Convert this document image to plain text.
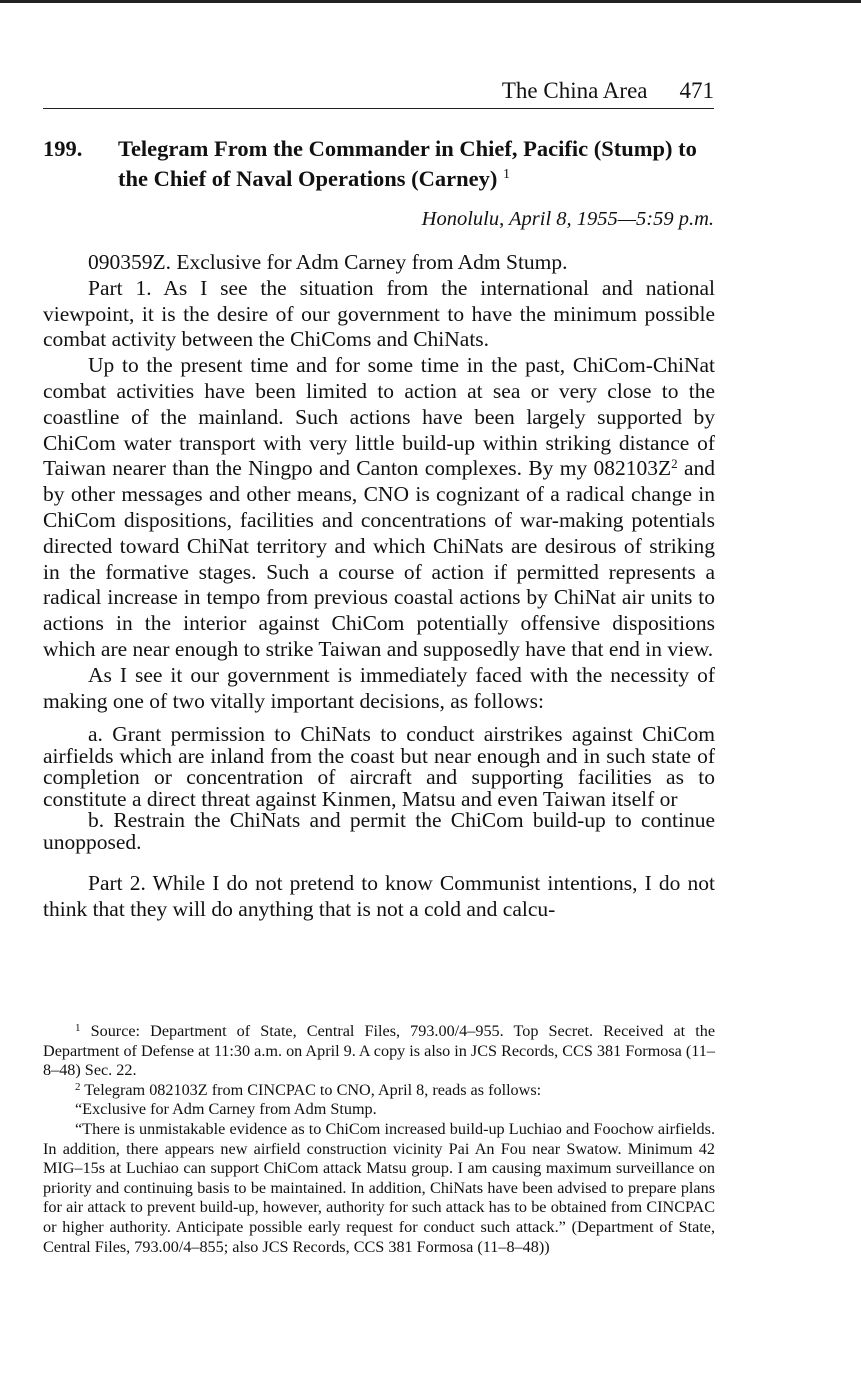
The China Area 471
199.	Telegram From the Commander in Chief, Pacific (Stump) to the Chief of Naval Operations (Carney) $^1$
Honolulu, April 8, 1955—5:59 p.m.

090359Z. Exclusive for Adm Carney from Adm Stump.

Part 1. As I see the situation from the international and national viewpoint, it is the desire of our government to have the minimum possible combat activity between the ChiComs and ChiNats.

Up to the present time and for some time in the past, ChiCom-ChiNat combat activities have been limited to action at sea or very close to the coastline of the mainland. Such actions have been largely supported by ChiCom water transport with very little build-up within striking distance of Taiwan nearer than the Ningpo and Canton complexes. By my $082103Z^2$ and by other messages and other means, CNO is cognizant of a radical change in ChiCom dispositions, facilities and concentrations of war-making potentials directed toward ChiNat territory and which ChiNats are desirous of striking in the formative stages. Such a course of action if permitted represents a radical increase in tempo from previous coastal actions by ChiNat air units to actions in the interior against ChiCom potentially offensive dispositions which are near enough to strike Taiwan and supposedly have that end in view.

As I see it our government is immediately faced with the necessity of making one of two vitally important decisions, as follows:

a. Grant permission to ChiNats to conduct airstrikes against ChiCom airfields which are inland from the coast but near enough and in such state of completion or concentration of aircraft and supporting facilities as to constitute a direct threat against Kinmen, Matsu and even Taiwan itself or

b. Restrain the ChiNats and permit the ChiCom build-up to continue unopposed.

Part 2. While I do not pretend to know Communist intentions, I do not think that they will do anything that is not a cold and calcu-

$^1$ Source: Department of State, Central Files, 793.00/4–955. Top Secret. Received at the Department of Defense at 11:30 a.m. on April 9. A copy is also in JCS Records, CCS 381 Formosa (11–8–48) Sec. 22.

$^2$ Telegram 082103Z from CINCPAC to CNO, April 8, reads as follows:

“Exclusive for Adm Carney from Adm Stump.

“There is unmistakable evidence as to ChiCom increased build-up Luchiao and Foochow airfields. In addition, there appears new airfield construction vicinity Pai An Fou near Swatow. Minimum 42 MIG–15s at Luchiao can support ChiCom attack Matsu group. I am causing maximum surveillance on priority and continuing basis to be maintained. In addition, ChiNats have been advised to prepare plans for air attack to prevent build-up, however, authority for such attack has to be obtained from CINCPAC or higher authority. Anticipate possible early request for conduct such attack.” (Department of State, Central Files, 793.00/4–855; also JCS Records, CCS 381 Formosa (11–8–48))
